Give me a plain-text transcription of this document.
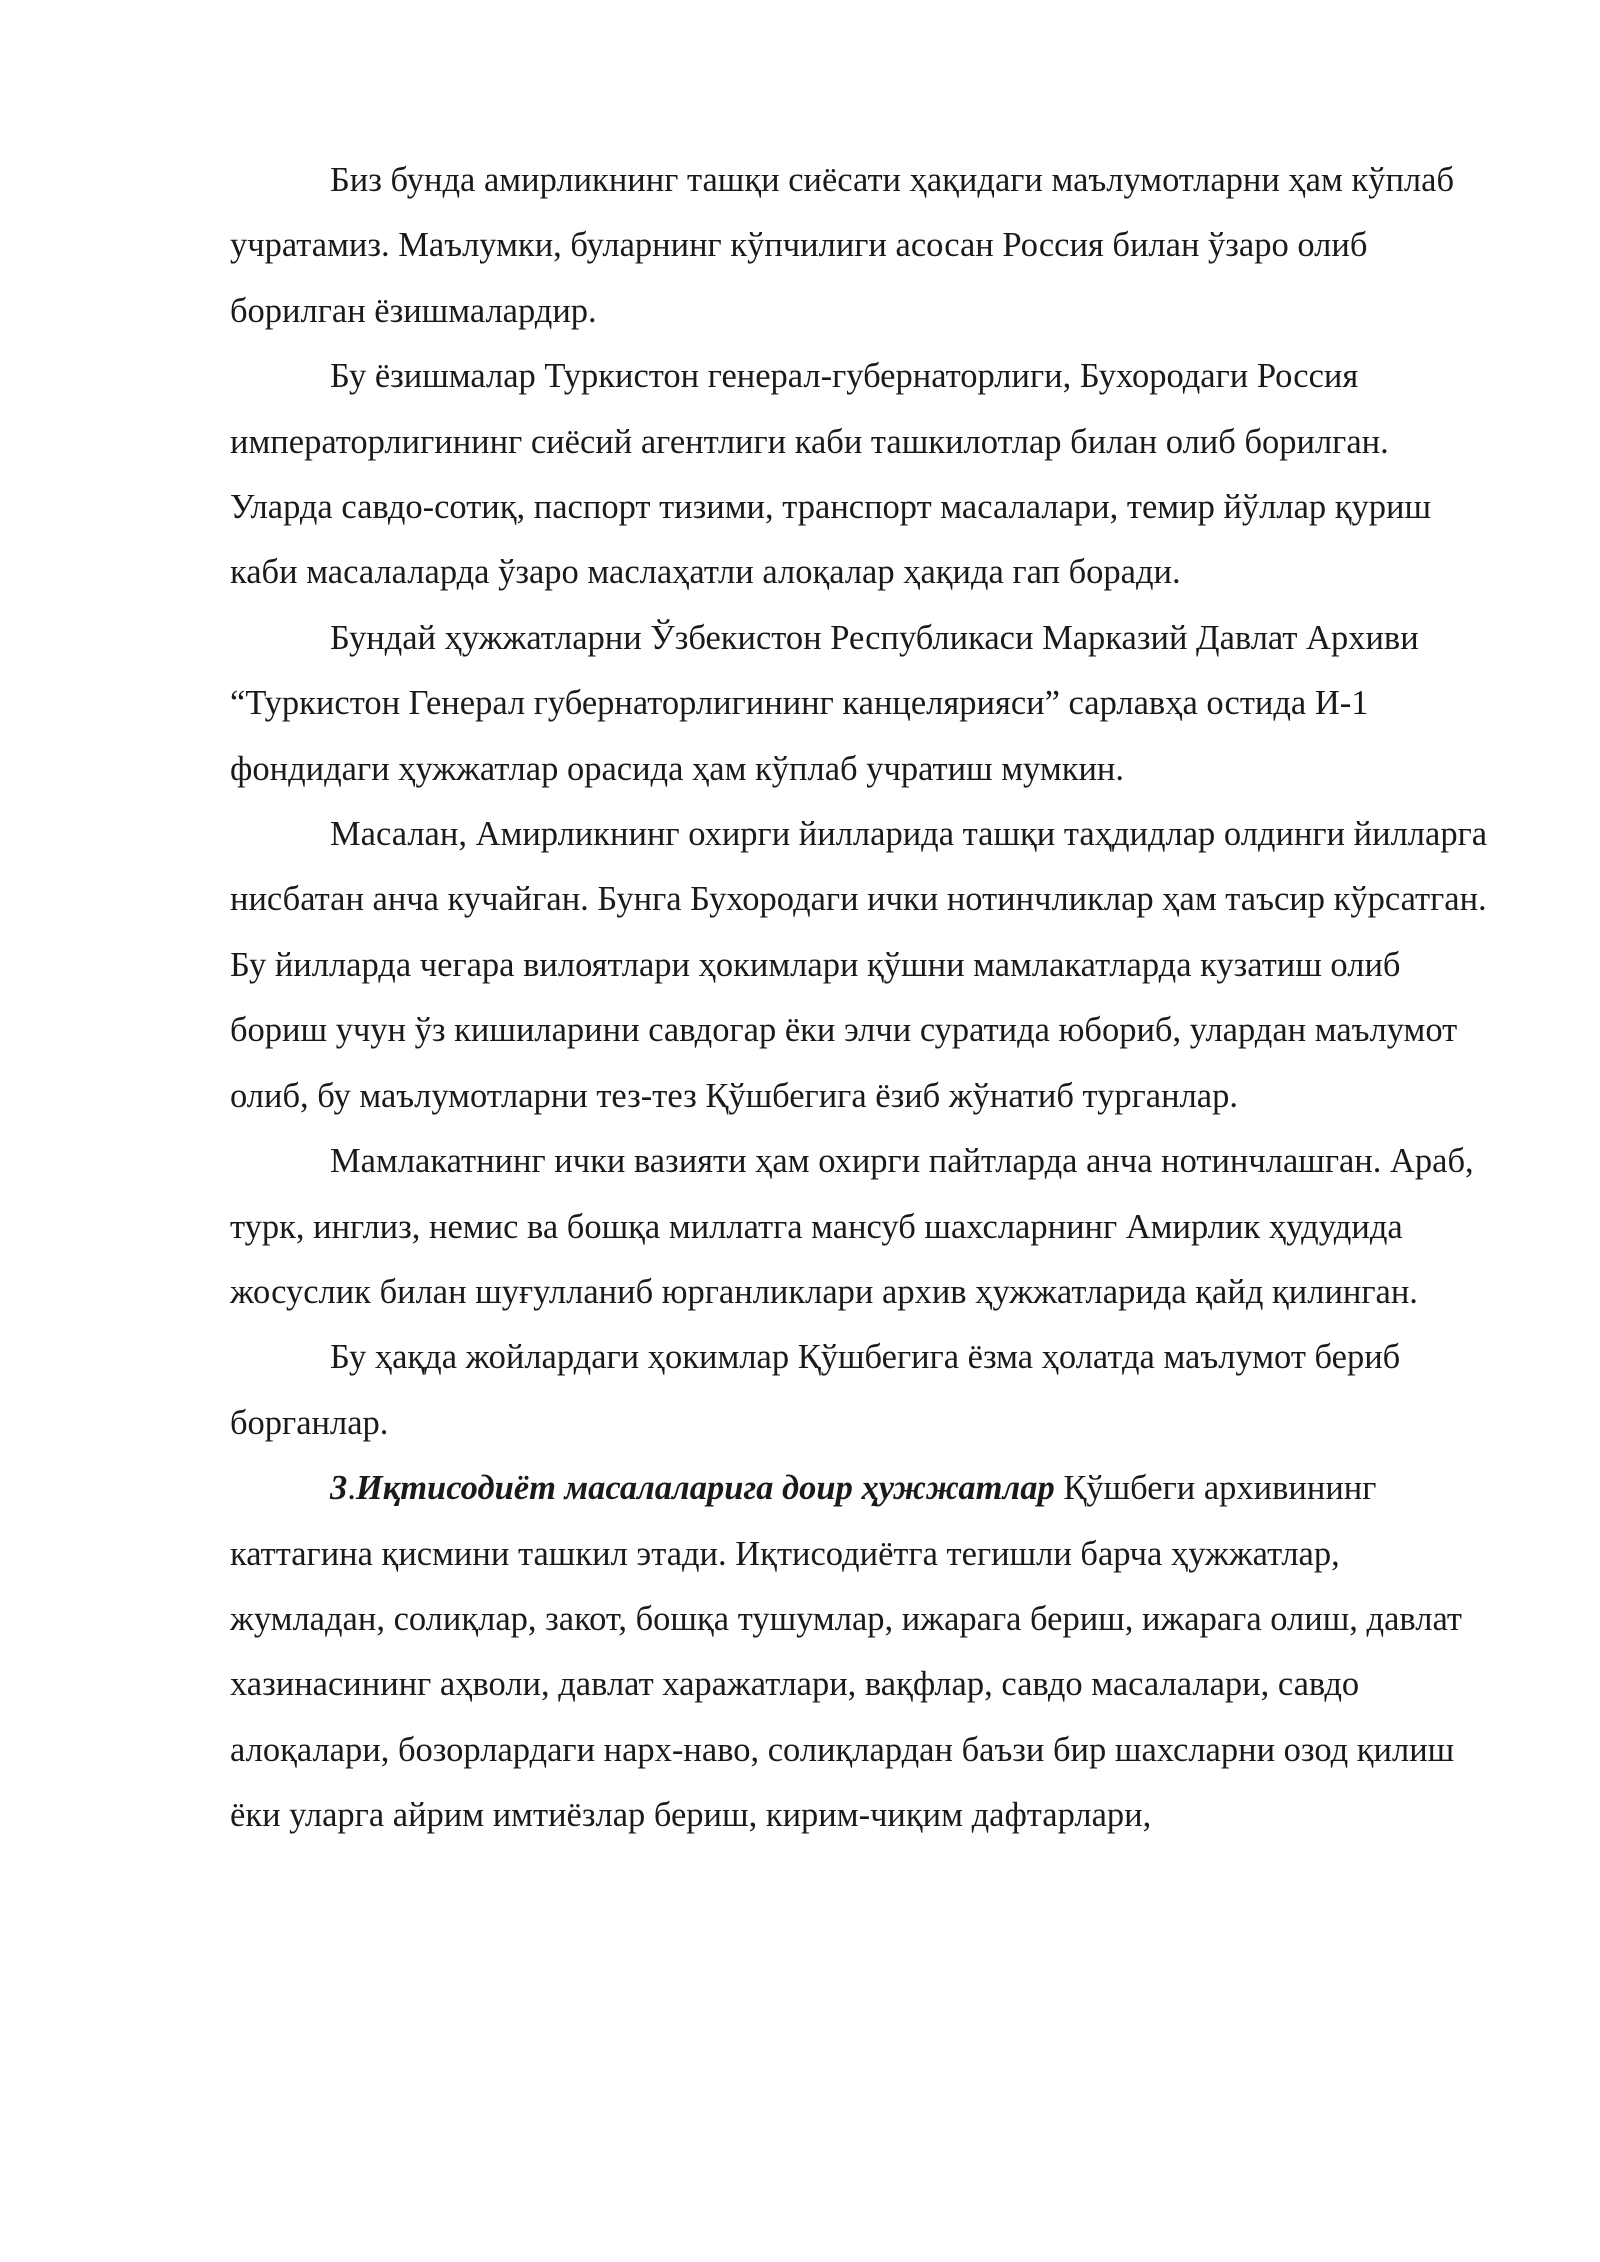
Биз бунда амирликнинг ташқи сиёсати ҳақидаги маълумотларни ҳам кўплаб учратамиз. Маълумки, буларнинг кўпчилиги асосан Россия билан ўзаро олиб борилган ёзишмалардир.

Бу ёзишмалар Туркистон генерал-губернаторлиги, Бухородаги Россия императорлигининг сиёсий агентлиги каби ташкилотлар билан олиб борилган. Уларда савдо-сотиқ, паспорт тизими, транспорт масалалари, темир йўллар қуриш каби масалаларда ўзаро маслаҳатли алоқалар ҳақида гап боради.

Бундай ҳужжатларни Ўзбекистон Республикаси Марказий Давлат Архиви “Туркистон Генерал губернаторлигининг канцелярияси” сарлавҳа остида И-1 фондидаги ҳужжатлар орасида ҳам кўплаб учратиш мумкин.

Масалан, Амирликнинг охирги йилларида ташқи таҳдидлар олдинги йилларга нисбатан анча кучайган. Бунга Бухородаги ички нотинчликлар ҳам таъсир кўрсатган. Бу йилларда чегара вилоятлари ҳокимлари қўшни мамлакатларда кузатиш олиб бориш учун ўз кишиларини савдогар ёки элчи суратида юбориб, улардан маълумот олиб, бу маълумотларни тез-тез Қўшбегига ёзиб жўнатиб турганлар.

Мамлакатнинг ички вазияти ҳам охирги пайтларда анча нотинчлашган. Араб, турк, инглиз, немис ва бошқа миллатга мансуб шахсларнинг Амирлик ҳудудида жосуслик билан шуғулланиб юрганликлари архив ҳужжатларида қайд қилинган.

Бу ҳақда жойлардаги ҳокимлар Қўшбегига ёзма ҳолатда маълумот бериб борганлар.

3.Иқтисодиёт масалаларига доир ҳужжатлар Қўшбеги архивининг каттагина қисмини ташкил этади. Иқтисодиётга тегишли барча ҳужжатлар, жумладан, солиқлар, закот, бошқа тушумлар, ижарага бериш, ижарага олиш, давлат хазинасининг аҳволи, давлат харажатлари, вақфлар, савдо масалалари, савдо алоқалари, бозорлардаги нарх-наво, солиқлардан баъзи бир шахсларни озод қилиш ёки уларга айрим имтиёзлар бериш, кирим-чиқим дафтарлари,
